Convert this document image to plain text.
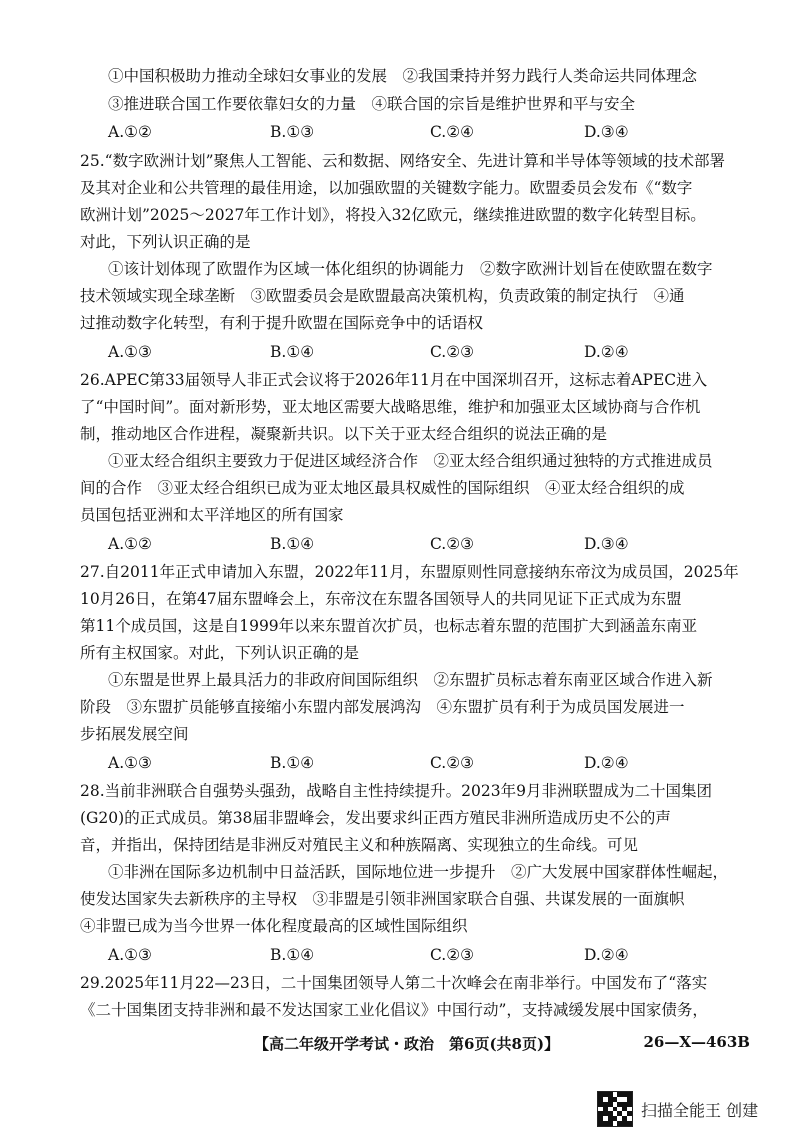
①中国积极助力推动全球妇女事业的发展　②我国秉持并努力践行人类命运共同体理念
③推进联合国工作要依靠妇女的力量　④联合国的宗旨是维护世界和平与安全
A.①②	B.①③	C.②④	D.③④
25.“数字欧洲计划”聚焦人工智能、云和数据、网络安全、先进计算和半导体等领域的技术部署
及其对企业和公共管理的最佳用途，以加强欧盟的关键数字能力。欧盟委员会发布《“数字
欧洲计划”2025～2027年工作计划》，将投入32亿欧元，继续推进欧盟的数字化转型目标。
对此，下列认识正确的是
①该计划体现了欧盟作为区域一体化组织的协调能力　②数字欧洲计划旨在使欧盟在数字
技术领域实现全球垄断　③欧盟委员会是欧盟最高决策机构，负责政策的制定执行　④通
过推动数字化转型，有利于提升欧盟在国际竞争中的话语权
A.①③	B.①④	C.②③	D.②④
26.APEC第33届领导人非正式会议将于2026年11月在中国深圳召开，这标志着APEC进入
了“中国时间”。面对新形势，亚太地区需要大战略思维，维护和加强亚太区域协商与合作机
制，推动地区合作进程，凝聚新共识。以下关于亚太经合组织的说法正确的是
①亚太经合组织主要致力于促进区域经济合作　②亚太经合组织通过独特的方式推进成员
间的合作　③亚太经合组织已成为亚太地区最具权威性的国际组织　④亚太经合组织的成
员国包括亚洲和太平洋地区的所有国家
A.①②	B.①④	C.②③	D.③④
27.自2011年正式申请加入东盟，2022年11月，东盟原则性同意接纳东帝汶为成员国，2025年
10月26日，在第47届东盟峰会上，东帝汶在东盟各国领导人的共同见证下正式成为东盟
第11个成员国，这是自1999年以来东盟首次扩员，也标志着东盟的范围扩大到涵盖东南亚
所有主权国家。对此，下列认识正确的是
①东盟是世界上最具活力的非政府间国际组织　②东盟扩员标志着东南亚区域合作进入新
阶段　③东盟扩员能够直接缩小东盟内部发展鸿沟　④东盟扩员有利于为成员国发展进一
步拓展发展空间
A.①③	B.①④	C.②③	D.②④
28.当前非洲联合自强势头强劲，战略自主性持续提升。2023年9月非洲联盟成为二十国集团
(G20)的正式成员。第38届非盟峰会，发出要求纠正西方殖民非洲所造成历史不公的声
音，并指出，保持团结是非洲反对殖民主义和种族隔离、实现独立的生命线。可见
①非洲在国际多边机制中日益活跃，国际地位进一步提升　②广大发展中国家群体性崛起，
使发达国家失去新秩序的主导权　③非盟是引领非洲国家联合自强、共谋发展的一面旗帜
④非盟已成为当今世界一体化程度最高的区域性国际组织
A.①③	B.①④	C.②③	D.②④
29.2025年11月22—23日，二十国集团领导人第二十次峰会在南非举行。中国发布了“落实
《二十国集团支持非洲和最不发达国家工业化倡议》中国行动”，支持减缓发展中国家债务，
【高二年级开学考试・政治　第6页(共8页)】	26—X—463B
扫描全能王 创建
